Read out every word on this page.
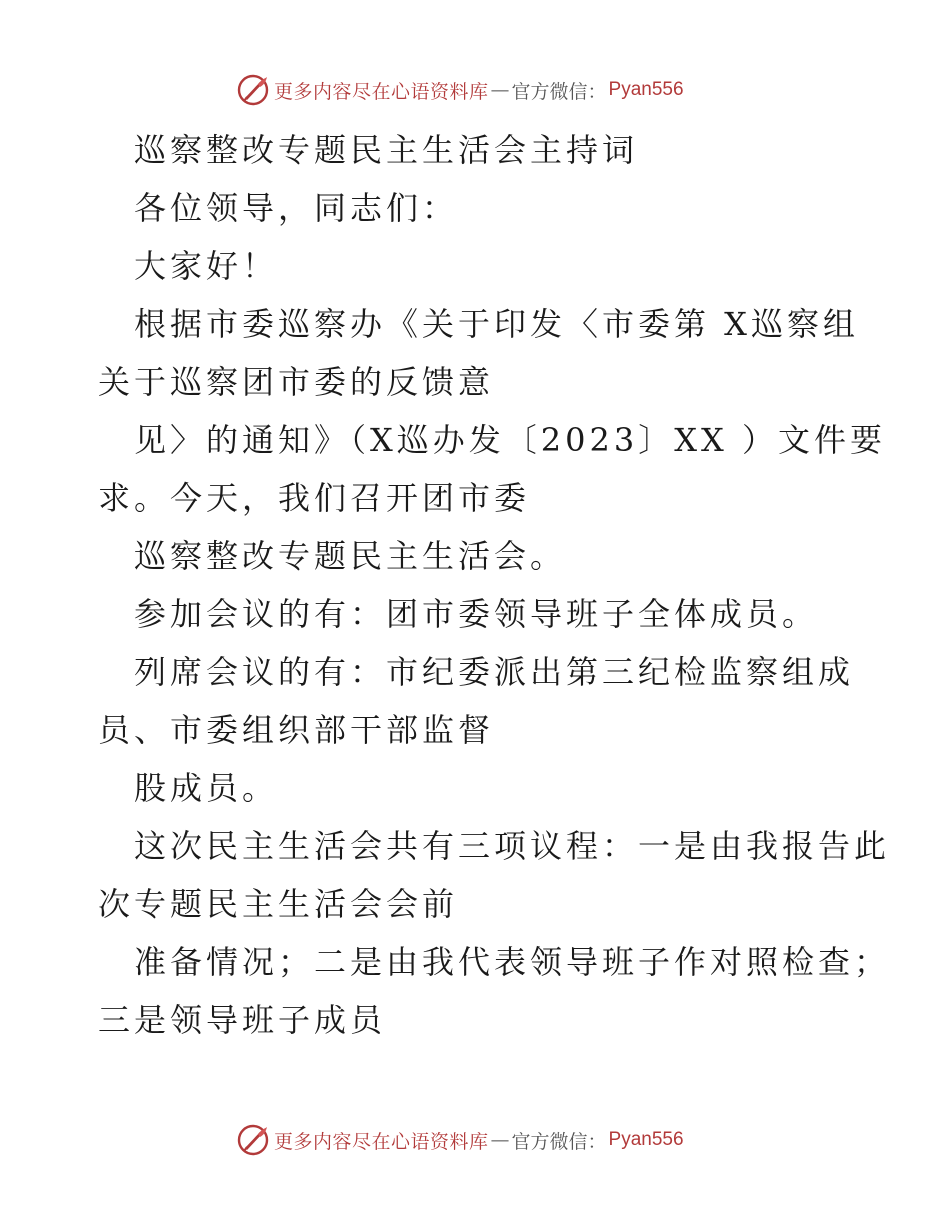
更多内容尽在心语资料库 — 官方微信： Pyan556
巡察整改专题民主生活会主持词
各位领导，同志们：
大家好！
根据市委巡察办《关于印发〈市委第 X巡察组
关于巡察团市委的反馈意
见〉的通知》（X巡办发〔2023〕XX ）文件要
求。今天，我们召开团市委
巡察整改专题民主生活会。
参加会议的有：团市委领导班子全体成员。
列席会议的有：市纪委派出第三纪检监察组成
员、市委组织部干部监督
股成员。
这次民主生活会共有三项议程：一是由我报告此
次专题民主生活会会前
准备情况；二是由我代表领导班子作对照检查；
三是领导班子成员
更多内容尽在心语资料库 — 官方微信： Pyan556
